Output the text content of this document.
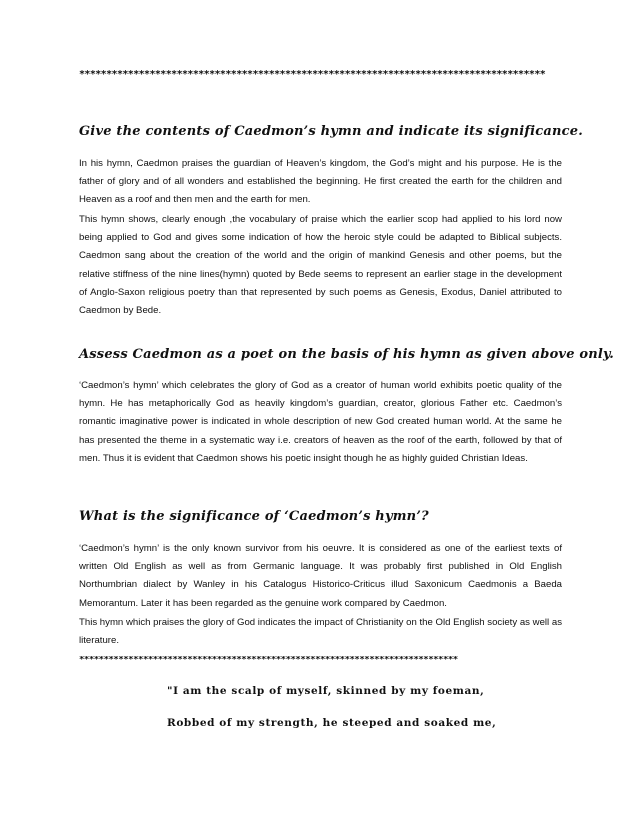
**************************************************************************************
Give the contents of Caedmon’s hymn and indicate its significance.

In his hymn, Caedmon praises the guardian of Heaven’s kingdom, the God’s might and his purpose. He is the father of glory and of all wonders and established the beginning. He first created the earth for the children and Heaven as a roof and then men and the earth for men.

This hymn shows, clearly enough ,the vocabulary of praise which the earlier scop had applied to his lord now being applied to God and gives some indication of how the heroic style could be adapted to Biblical subjects. Caedmon sang about the creation of the world and the origin of mankind Genesis and other poems, but the relative stiffness of the nine lines(hymn) quoted by Bede seems to represent an earlier stage in the development of Anglo-Saxon religious poetry than that represented by such poems as Genesis, Exodus, Daniel attributed to Caedmon by Bede.

Assess Caedmon as a poet on the basis of his hymn as given above only.

‘Caedmon’s hymn’ which celebrates the glory of God as a creator of human world exhibits poetic quality of the hymn. He has metaphorically God as heavily kingdom’s guardian, creator, glorious Father etc. Caedmon’s romantic imaginative power is indicated in whole description of new God created human world. At the same he has presented the theme in a systematic way i.e. creators of heaven as the roof of the earth, followed by that of men. Thus it is evident that Caedmon shows his poetic insight though he as highly guided Christian Ideas.

What is the significance of ‘Caedmon’s hymn’?

‘Caedmon’s hymn’ is the only known survivor from his oeuvre. It is considered as one of the earliest texts of written Old English as well as from Germanic language. It was probably first published in Old English Northumbrian dialect by Wanley in his Catalogus Historico-Criticus illud Saxonicum Caedmonis a Baeda Memorantum. Later it has been regarded as the genuine work compared by Caedmon.

This hymn which praises the glory of God indicates the impact of Christianity on the Old English society as well as literature.

*****************************************************************************

"I am the scalp of myself, skinned by my foeman,

Robbed of my strength, he steeped and soaked me,
